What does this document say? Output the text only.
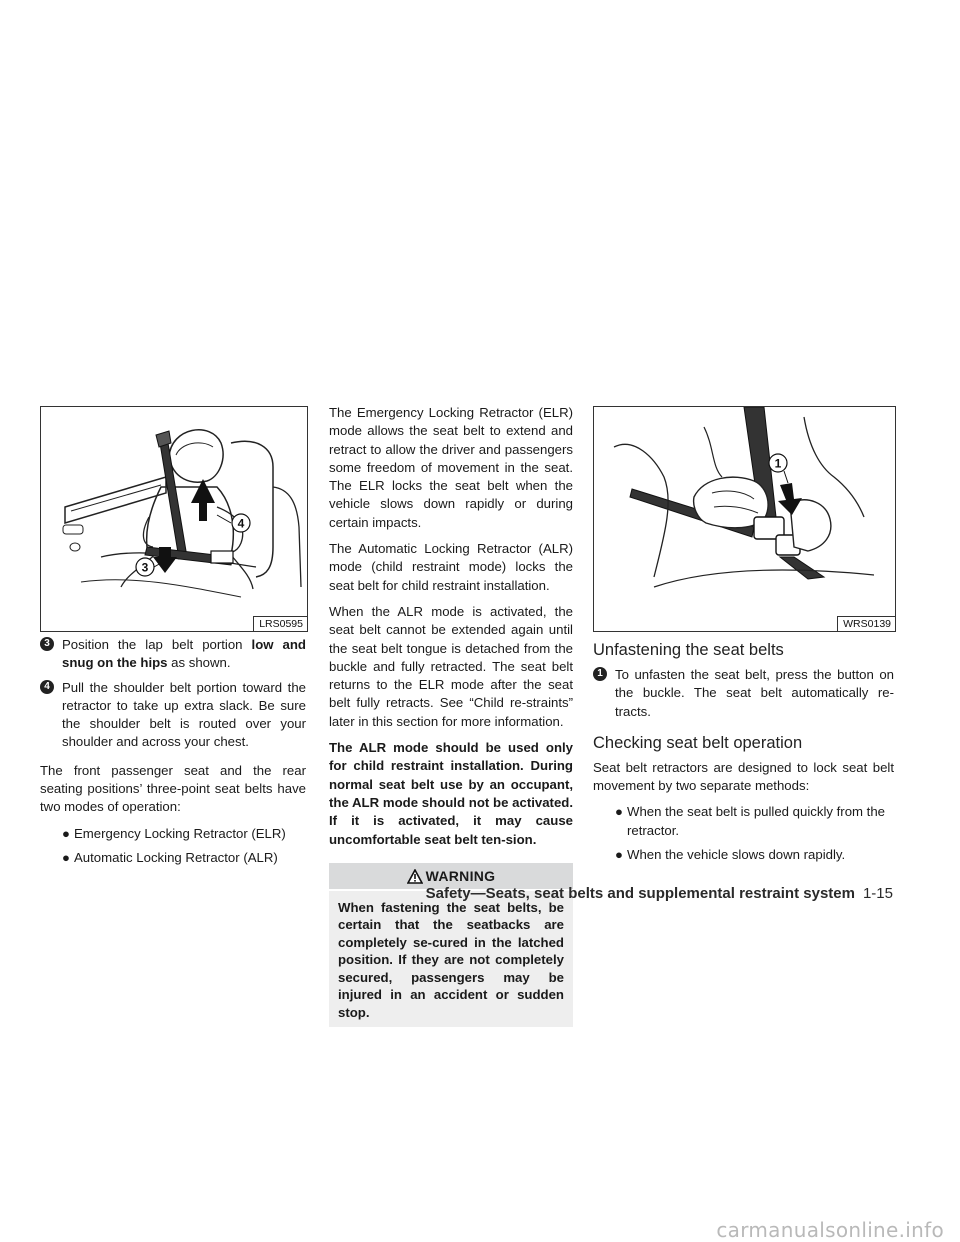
4
3
LRS0595
3 Position the lap belt portion low and snug on the hips as shown.
4 Pull the shoulder belt portion toward the retractor to take up extra slack. Be sure the shoulder belt is routed over your shoulder and across your chest.

The front passenger seat and the rear seating positions’ three-point seat belts have two modes of operation:

● Emergency Locking Retractor (ELR)
● Automatic Locking Retractor (ALR)

The Emergency Locking Retractor (ELR) mode allows the seat belt to extend and retract to allow the driver and passengers some freedom of movement in the seat. The ELR locks the seat belt when the vehicle slows down rapidly or during certain impacts.

The Automatic Locking Retractor (ALR) mode (child restraint mode) locks the seat belt for child restraint installation.

When the ALR mode is activated, the seat belt cannot be extended again until the seat belt tongue is detached from the buckle and fully retracted. The seat belt returns to the ELR mode after the seat belt fully retracts. See “Child re-straints” later in this section for more information.

The ALR mode should be used only for child restraint installation. During normal seat belt use by an occupant, the ALR mode should not be activated. If it is activated, it may cause uncomfortable seat belt ten-sion.

WARNING
When fastening the seat belts, be certain that the seatbacks are completely se-cured in the latched position. If they are not completely secured, passengers may be injured in an accident or sudden stop.
1
WRS0139
Unfastening the seat belts
1 To unfasten the seat belt, press the button on the buckle. The seat belt automatically re-tracts.
Checking seat belt operation

Seat belt retractors are designed to lock seat belt movement by two separate methods:

● When the seat belt is pulled quickly from the retractor.
● When the vehicle slows down rapidly.
Safety—Seats, seat belts and supplemental restraint system 1-15
carmanualsonline.info
